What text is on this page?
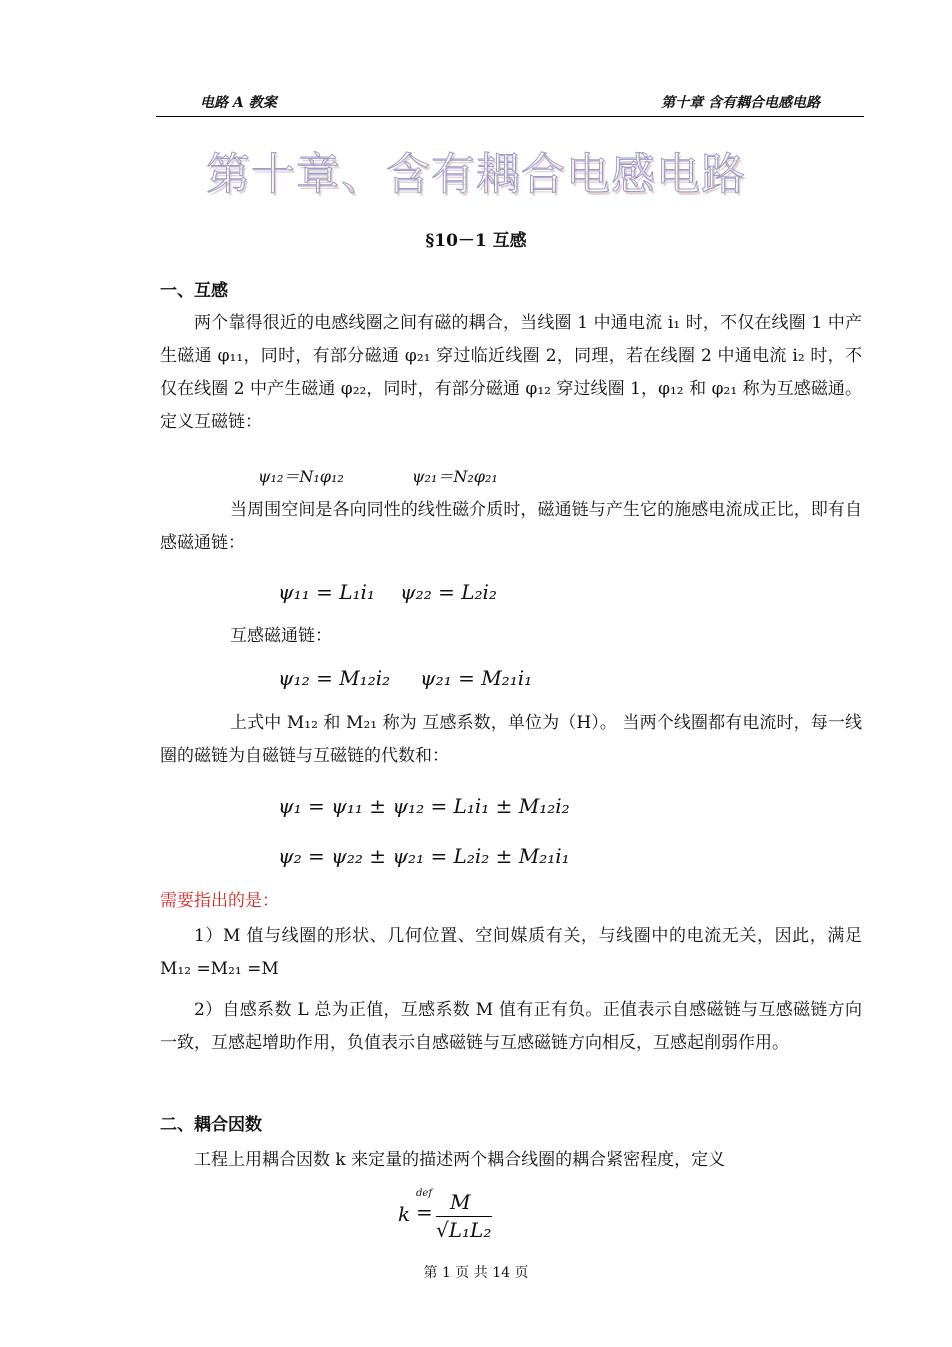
电路 A 教案	第十章 含有耦合电感电路
第十章、含有耦合电感电路
§10－1 互感
一、互感

两个靠得很近的电感线圈之间有磁的耦合，当线圈 1 中通电流 i₁ 时，不仅在线圈 1 中产生磁通 φ₁₁，同时，有部分磁通 φ₂₁ 穿过临近线圈 2，同理，若在线圈 2 中通电流 i₂ 时，不仅在线圈 2 中产生磁通 φ₂₂，同时，有部分磁通 φ₁₂ 穿过线圈 1，φ₁₂ 和 φ₂₁ 称为互感磁通。定义互磁链：

ψ₁₂＝N₁φ₁₂	ψ₂₁＝N₂φ₂₁

当周围空间是各向同性的线性磁介质时，磁通链与产生它的施感电流成正比，即有自感磁通链：

ψ₁₁ = L₁i₁ ψ₂₂ = L₂i₂

互感磁通链：

ψ₁₂ = M₁₂i₂ ψ₂₁ = M₂₁i₁

上式中 M₁₂ 和 M₂₁ 称为 互感系数，单位为（H）。 当两个线圈都有电流时，每一线圈的磁链为自磁链与互磁链的代数和：

ψ₁ = ψ₁₁ ± ψ₁₂ = L₁i₁ ± M₁₂i₂
ψ₂ = ψ₂₂ ± ψ₂₁ = L₂i₂ ± M₂₁i₁
需要指出的是：

1）M 值与线圈的形状、几何位置、空间媒质有关，与线圈中的电流无关，因此，满足 M₁₂ =M₂₁ =M

2）自感系数 L 总为正值，互感系数 M 值有正有负。正值表示自感磁链与互感磁链方向一致，互感起增助作用，负值表示自感磁链与互感磁链方向相反，互感起削弱作用。

二、耦合因数

工程上用耦合因数 k 来定量的描述两个耦合线圈的耦合紧密程度，定义

k
def
= M
√L₁L₂
第 1 页 共 14 页
